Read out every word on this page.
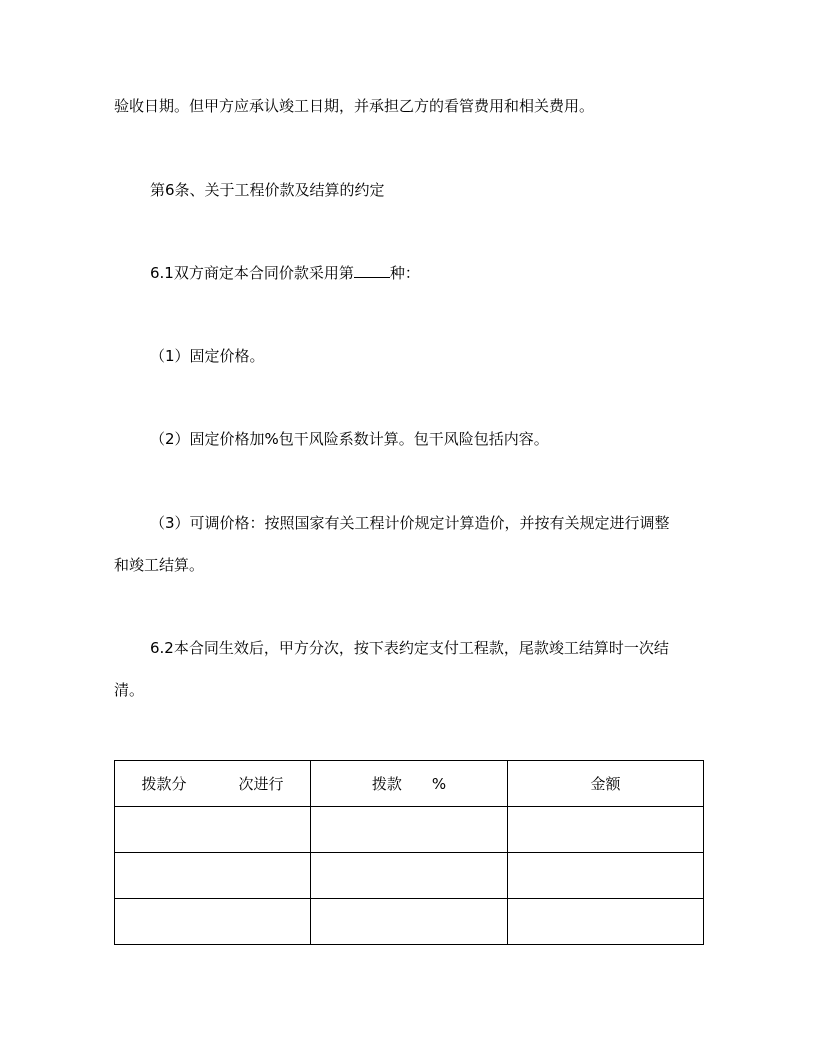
验收日期。但甲方应承认竣工日期，并承担乙方的看管费用和相关费用。
第6条、关于工程价款及结算的约定
6.1双方商定本合同价款采用第 种：
（1）固定价格。
（2）固定价格加%包干风险系数计算。包干风险包括内容。
（3）可调价格：按照国家有关工程计价规定计算造价，并按有关规定进行调整
和竣工结算。
6.2本合同生效后，甲方分次，按下表约定支付工程款，尾款竣工结算时一次结
清。
拨款分 次进行	拨款 %	金额
